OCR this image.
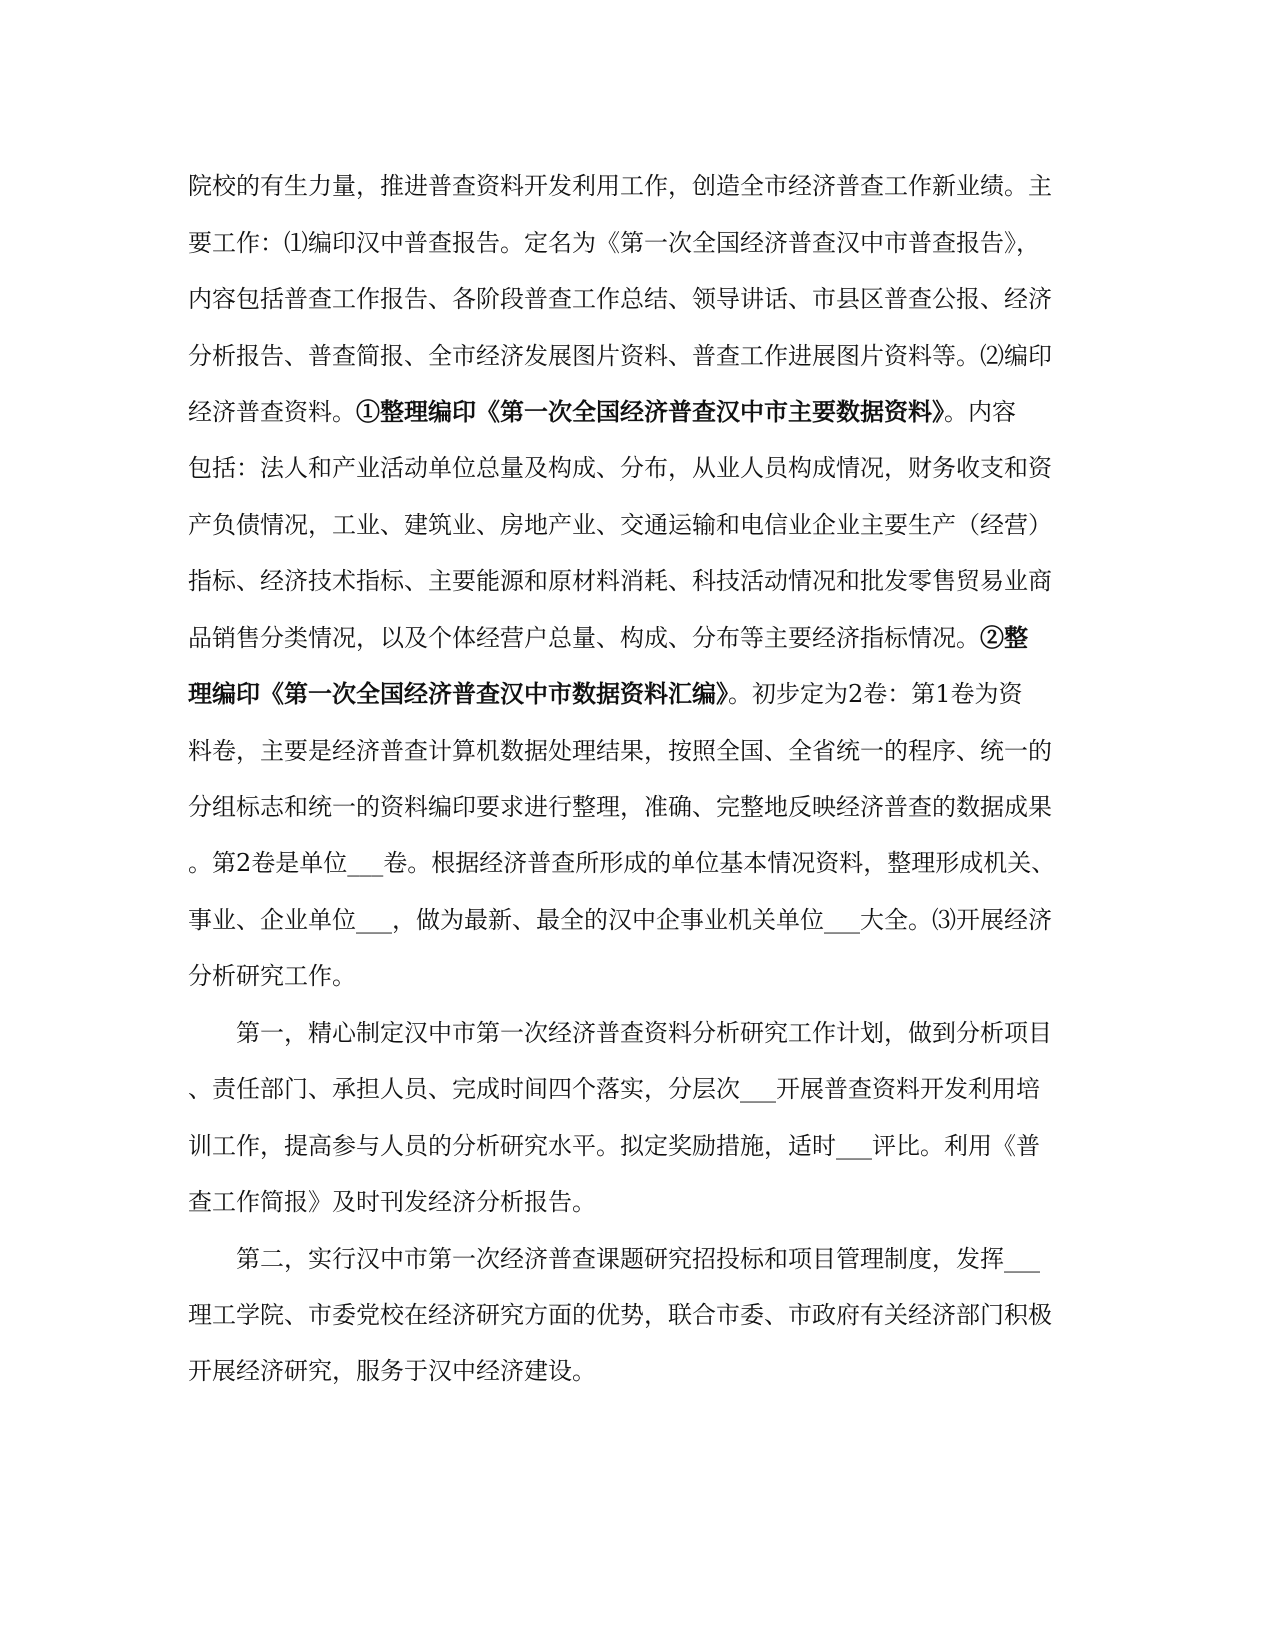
院校的有生力量，推进普查资料开发利用工作，创造全市经济普查工作新业绩。主
要工作：⑴编印汉中普查报告。定名为《第一次全国经济普查汉中市普查报告》，
内容包括普查工作报告、各阶段普查工作总结、领导讲话、市县区普查公报、经济
分析报告、普查简报、全市经济发展图片资料、普查工作进展图片资料等。⑵编印
经济普查资料。①整理编印《第一次全国经济普查汉中市主要数据资料》。内容
包括：法人和产业活动单位总量及构成、分布，从业人员构成情况，财务收支和资
产负债情况，工业、建筑业、房地产业、交通运输和电信业企业主要生产（经营）
指标、经济技术指标、主要能源和原材料消耗、科技活动情况和批发零售贸易业商
品销售分类情况，以及个体经营户总量、构成、分布等主要经济指标情况。②整
理编印《第一次全国经济普查汉中市数据资料汇编》。初步定为2卷：第1卷为资
料卷，主要是经济普查计算机数据处理结果，按照全国、全省统一的程序、统一的
分组标志和统一的资料编印要求进行整理，准确、完整地反映经济普查的数据成果
。第2卷是单位___卷。根据经济普查所形成的单位基本情况资料，整理形成机关、
事业、企业单位___，做为最新、最全的汉中企事业机关单位___大全。⑶开展经济
分析研究工作。
第一，精心制定汉中市第一次经济普查资料分析研究工作计划，做到分析项目
、责任部门、承担人员、完成时间四个落实，分层次___开展普查资料开发利用培
训工作，提高参与人员的分析研究水平。拟定奖励措施，适时___评比。利用《普
查工作简报》及时刊发经济分析报告。
第二，实行汉中市第一次经济普查课题研究招投标和项目管理制度，发挥___
理工学院、市委党校在经济研究方面的优势，联合市委、市政府有关经济部门积极
开展经济研究，服务于汉中经济建设。
